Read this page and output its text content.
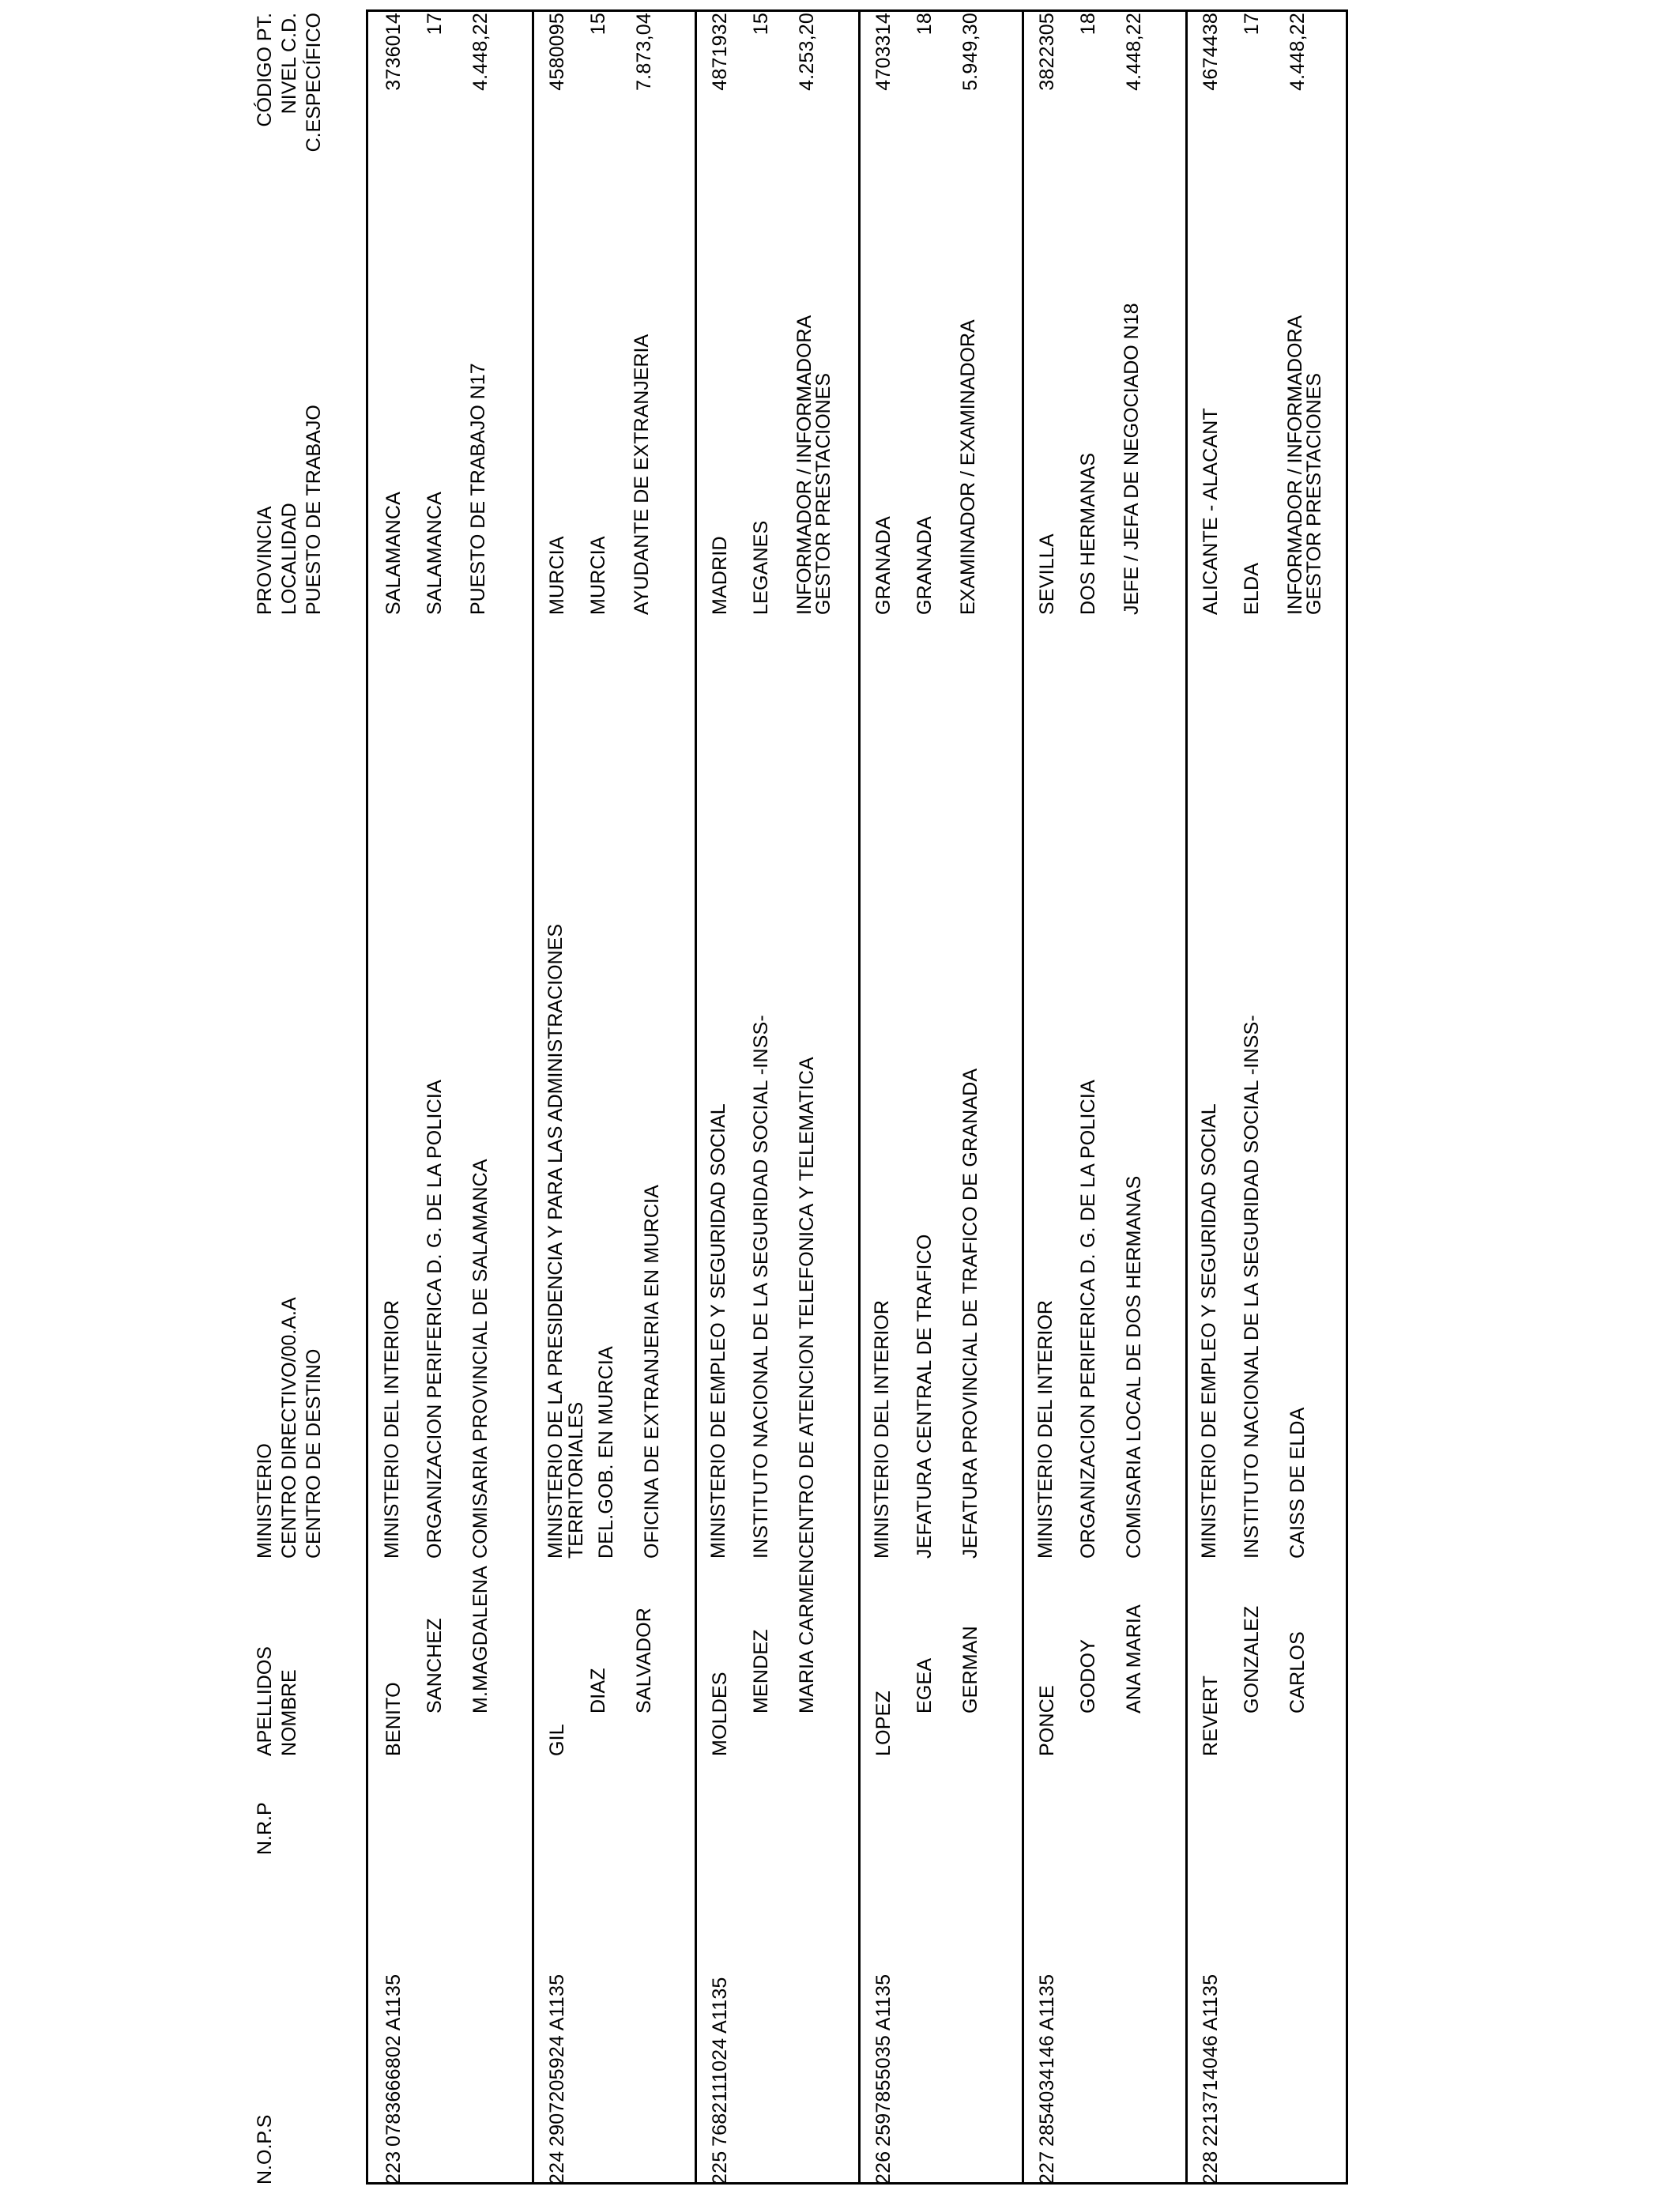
N.O.P.S
N.R.P
APELLIDOS NOMBRE
MINISTERIO CENTRO DIRECTIVO/00.A.A CENTRO DE DESTINO
PROVINCIA LOCALIDAD PUESTO DE TRABAJO
CÓDIGO PT. NIVEL C.D. C.ESPECÍFICO
223
0783666802 A1135
BENITO
SANCHEZ M.MAGDALENA
MINISTERIO DEL INTERIOR ORGANIZACION PERIFERICA D. G. DE LA POLICIA COMISARIA PROVINCIAL DE SALAMANCA
SALAMANCA SALAMANCA PUESTO DE TRABAJO N17
3736014 17 4.448,22
224
2907205924 A1135
GIL
DIAZ SALVADOR
MINISTERIO DE LA PRESIDENCIA Y PARA LAS ADMINISTRACIONES
TERRITORIALES DEL.GOB. EN MURCIA OFICINA DE EXTRANJERIA EN MURCIA
MURCIA MURCIA AYUDANTE DE EXTRANJERIA
4580095 15 7.873,04
225
7682111024 A1135
MOLDES
MENDEZ MARIA CARMEN
MINISTERIO DE EMPLEO Y SEGURIDAD SOCIAL INSTITUTO NACIONAL DE LA SEGURIDAD SOCIAL -INSS- CENTRO DE ATENCION TELEFONICA Y TELEMATICA
MADRID LEGANES INFORMADOR / INFORMADORA
GESTOR PRESTACIONES
4871932 15 4.253,20
226
2597855035 A1135
LOPEZ
EGEA GERMAN
MINISTERIO DEL INTERIOR JEFATURA CENTRAL DE TRAFICO JEFATURA PROVINCIAL DE TRAFICO DE GRANADA
GRANADA GRANADA EXAMINADOR / EXAMINADORA
4703314 18 5.949,30
227
2854034146 A1135
PONCE
GODOY ANA MARIA
MINISTERIO DEL INTERIOR ORGANIZACION PERIFERICA D. G. DE LA POLICIA COMISARIA LOCAL DE DOS HERMANAS
SEVILLA DOS HERMANAS JEFE / JEFA DE NEGOCIADO N18
3822305 18 4.448,22
228
2213714046 A1135
REVERT
GONZALEZ CARLOS
MINISTERIO DE EMPLEO Y SEGURIDAD SOCIAL INSTITUTO NACIONAL DE LA SEGURIDAD SOCIAL -INSS- CAISS DE ELDA
ALICANTE - ALACANT ELDA INFORMADOR / INFORMADORA
GESTOR PRESTACIONES
4674438 17 4.448,22
